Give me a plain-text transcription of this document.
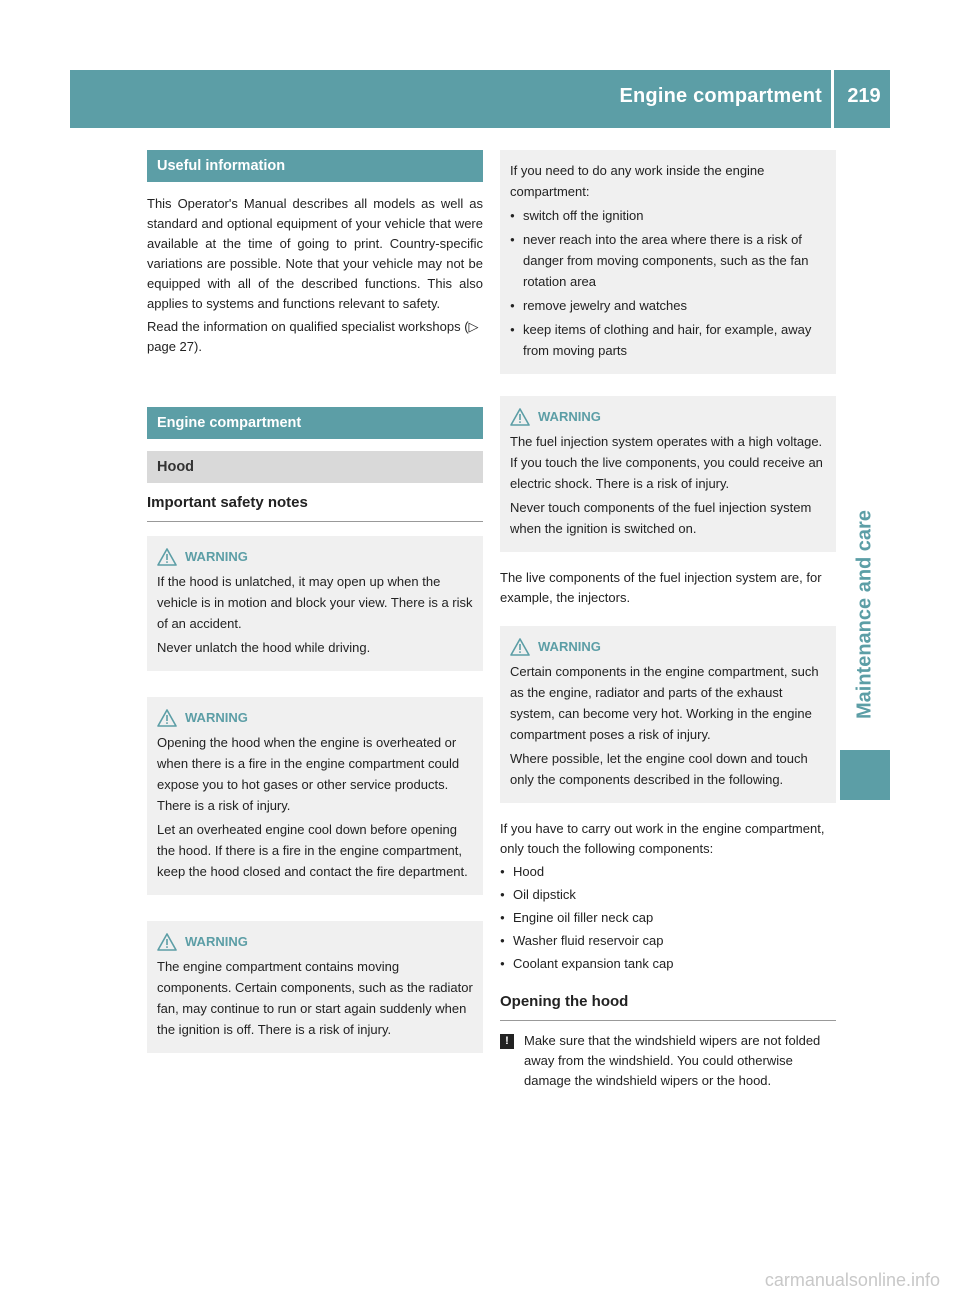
Engine compartment	219
Maintenance and care
Useful information

This Operator's Manual describes all models as well as standard and optional equipment of your vehicle that were available at the time of going to print. Country-specific variations are possible. Note that your vehicle may not be equipped with all of the described functions. This also applies to systems and functions relevant to safety.

Read the information on qualified specialist workshops (▷ page 27).

Engine compartment
Hood
Important safety notes
WARNING

If the hood is unlatched, it may open up when the vehicle is in motion and block your view. There is a risk of an accident.

Never unlatch the hood while driving.

WARNING

Opening the hood when the engine is overheated or when there is a fire in the engine compartment could expose you to hot gases or other service products. There is a risk of injury.

Let an overheated engine cool down before opening the hood. If there is a fire in the engine compartment, keep the hood closed and contact the fire department.

WARNING

The engine compartment contains moving components. Certain components, such as the radiator fan, may continue to run or start again suddenly when the ignition is off. There is a risk of injury.

If you need to do any work inside the engine compartment:

● switch off the ignition
● never reach into the area where there is a risk of danger from moving components, such as the fan rotation area
● remove jewelry and watches
● keep items of clothing and hair, for example, away from moving parts
WARNING

The fuel injection system operates with a high voltage. If you touch the live components, you could receive an electric shock. There is a risk of injury.

Never touch components of the fuel injection system when the ignition is switched on.

The live components of the fuel injection system are, for example, the injectors.

WARNING

Certain components in the engine compartment, such as the engine, radiator and parts of the exhaust system, can become very hot. Working in the engine compartment poses a risk of injury.

Where possible, let the engine cool down and touch only the components described in the following.

If you have to carry out work in the engine compartment, only touch the following components:

● Hood
● Oil dipstick
● Engine oil filler neck cap
● Washer fluid reservoir cap
● Coolant expansion tank cap
Opening the hood
!	Make sure that the windshield wipers are not folded away from the windshield. You could otherwise damage the windshield wipers or the hood.

carmanualsonline.info
